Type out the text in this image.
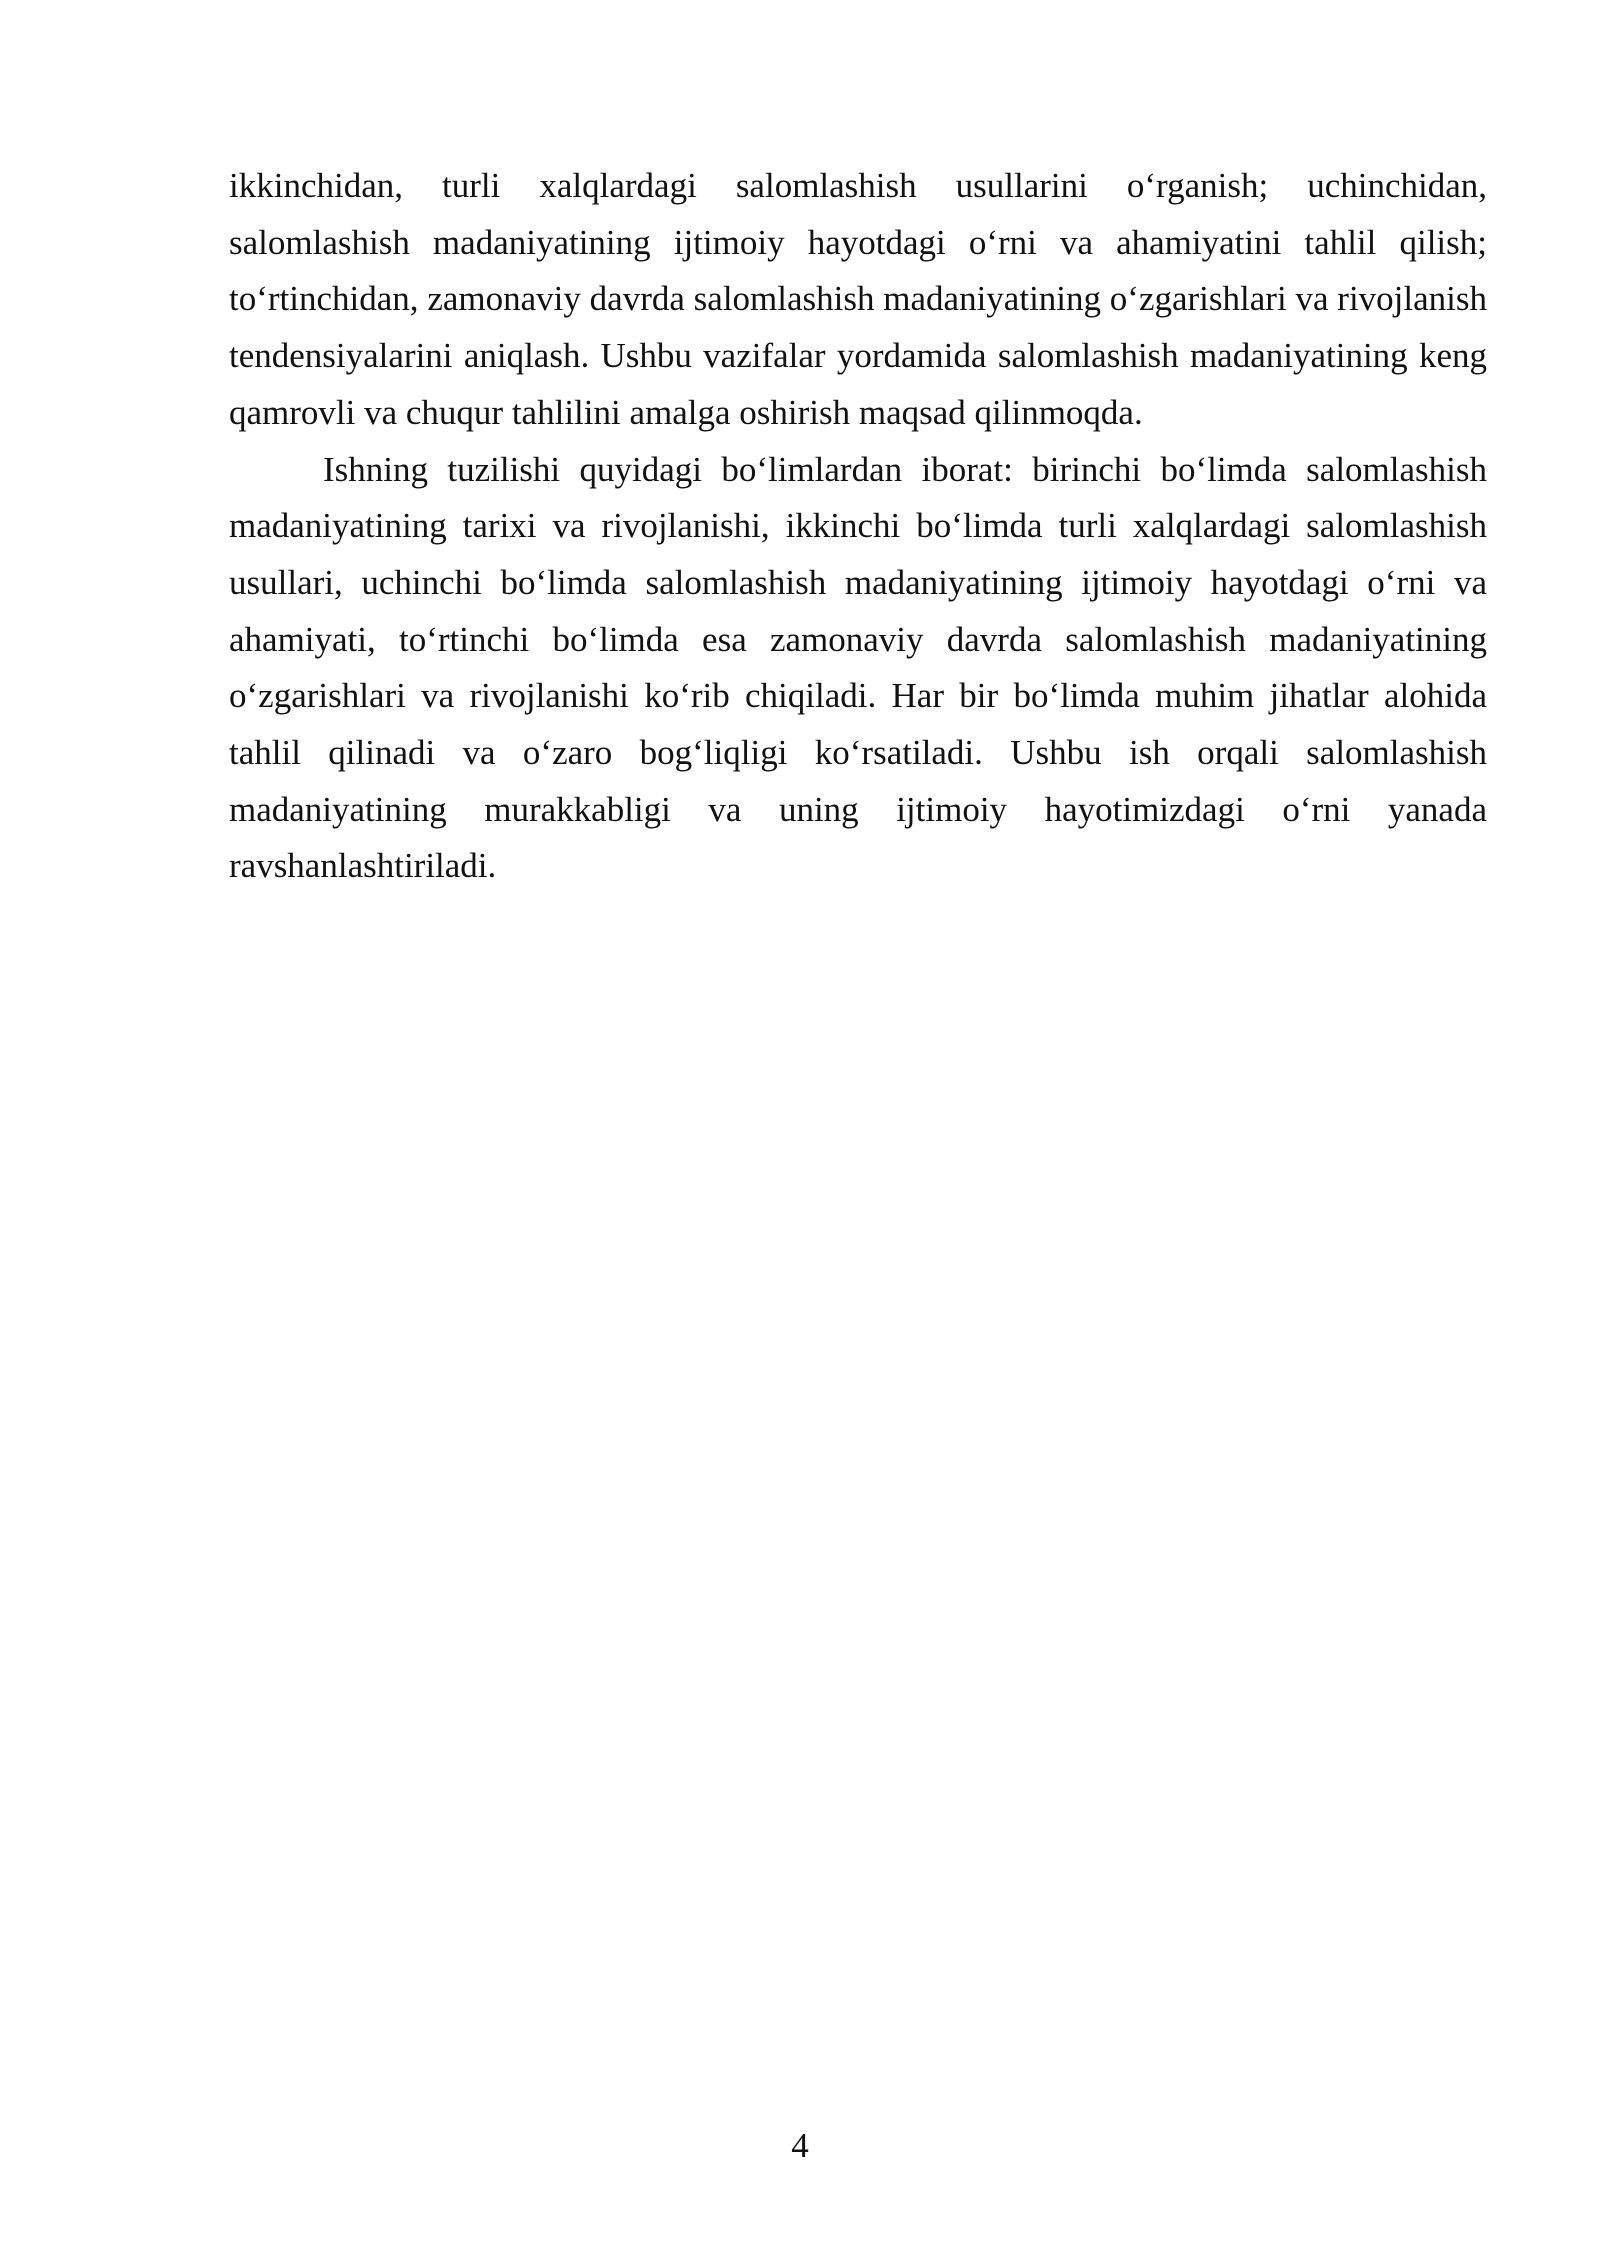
ikkinchidan, turli xalqlardagi salomlashish usullarini o‘rganish; uchinchidan, salomlashish madaniyatining ijtimoiy hayotdagi o‘rni va ahamiyatini tahlil qilish; to‘rtinchidan, zamonaviy davrda salomlashish madaniyatining o‘zgarishlari va rivojlanish tendensiyalarini aniqlash. Ushbu vazifalar yordamida salomlashish madaniyatining keng qamrovli va chuqur tahlilini amalga oshirish maqsad qilinmoqda.

Ishning tuzilishi quyidagi bo‘limlardan iborat: birinchi bo‘limda salomlashish madaniyatining tarixi va rivojlanishi, ikkinchi bo‘limda turli xalqlardagi salomlashish usullari, uchinchi bo‘limda salomlashish madaniyatining ijtimoiy hayotdagi o‘rni va ahamiyati, to‘rtinchi bo‘limda esa zamonaviy davrda salomlashish madaniyatining o‘zgarishlari va rivojlanishi ko‘rib chiqiladi. Har bir bo‘limda muhim jihatlar alohida tahlil qilinadi va o‘zaro bog‘liqligi ko‘rsatiladi. Ushbu ish orqali salomlashish madaniyatining murakkabligi va uning ijtimoiy hayotimizdagi o‘rni yanada ravshanlashtiriladi.

4
